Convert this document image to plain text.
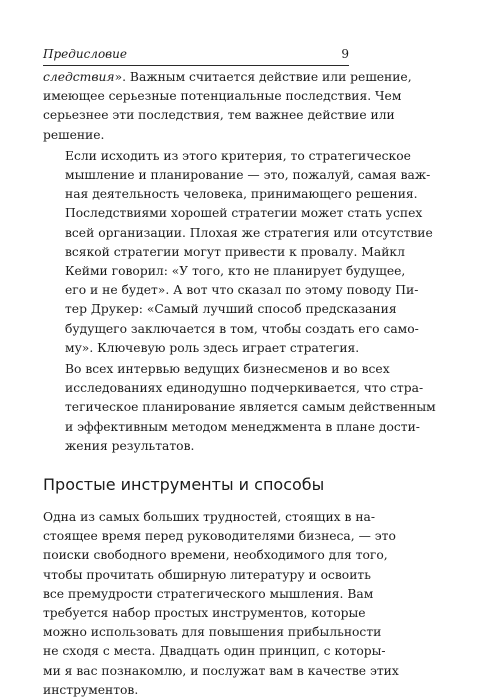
Предисловие	9

следствия». Важным считается действие или решение,
имеющее серьезные потенциальные последствия. Чем
серьезнее эти последствия, тем важнее действие или
решение.

Если исходить из этого критерия, то стратегическое
мышление и планирование — это, пожалуй, самая важ-
ная деятельность человека, принимающего решения.
Последствиями хорошей стратегии может стать успех
всей организации. Плохая же стратегия или отсутствие
всякой стратегии могут привести к провалу. Майкл
Кейми говорил: «У того, кто не планирует будущее,
его и не будет». А вот что сказал по этому поводу Пи-
тер Друкер: «Самый лучший способ предсказания
будущего заключается в том, чтобы создать его само-
му». Ключевую роль здесь играет стратегия.

Во всех интервью ведущих бизнесменов и во всех
исследованиях единодушно подчеркивается, что стра-
тегическое планирование является самым действенным
и эффективным методом менеджмента в плане дости-
жения результатов.

Простые инструменты и способы

Одна из самых больших трудностей, стоящих в на-
стоящее время перед руководителями бизнеса, — это
поиски свободного времени, необходимого для того,
чтобы прочитать обширную литературу и освоить
все премудрости стратегического мышления. Вам
требуется набор простых инструментов, которые
можно использовать для повышения прибыльности
не сходя с места. Двадцать один принцип, с которы-
ми я вас познакомлю, и послужат вам в качестве этих
инструментов.
